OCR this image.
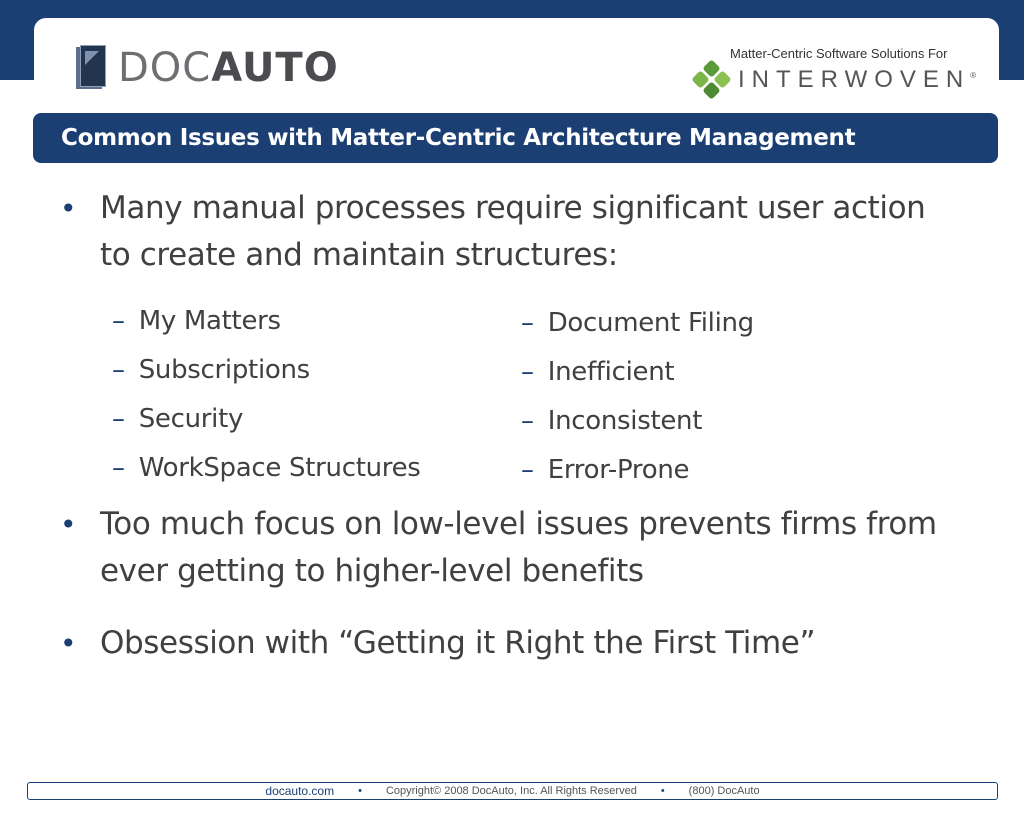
DOCAUTO	Matter-Centric Software Solutions For
INTERWOVEN®
Common Issues with Matter-Centric Architecture Management
• Many manual processes require significant user action to create and maintain structures:
– My Matters
– Subscriptions
– Security
– WorkSpace Structures
– Document Filing
– Inefficient
– Inconsistent
– Error-Prone
• Too much focus on low-level issues prevents firms from ever getting to higher-level benefits
• Obsession with “Getting it Right the First Time”
docauto.com • Copyright© 2008 DocAuto, Inc. All Rights Reserved • (800) DocAuto
